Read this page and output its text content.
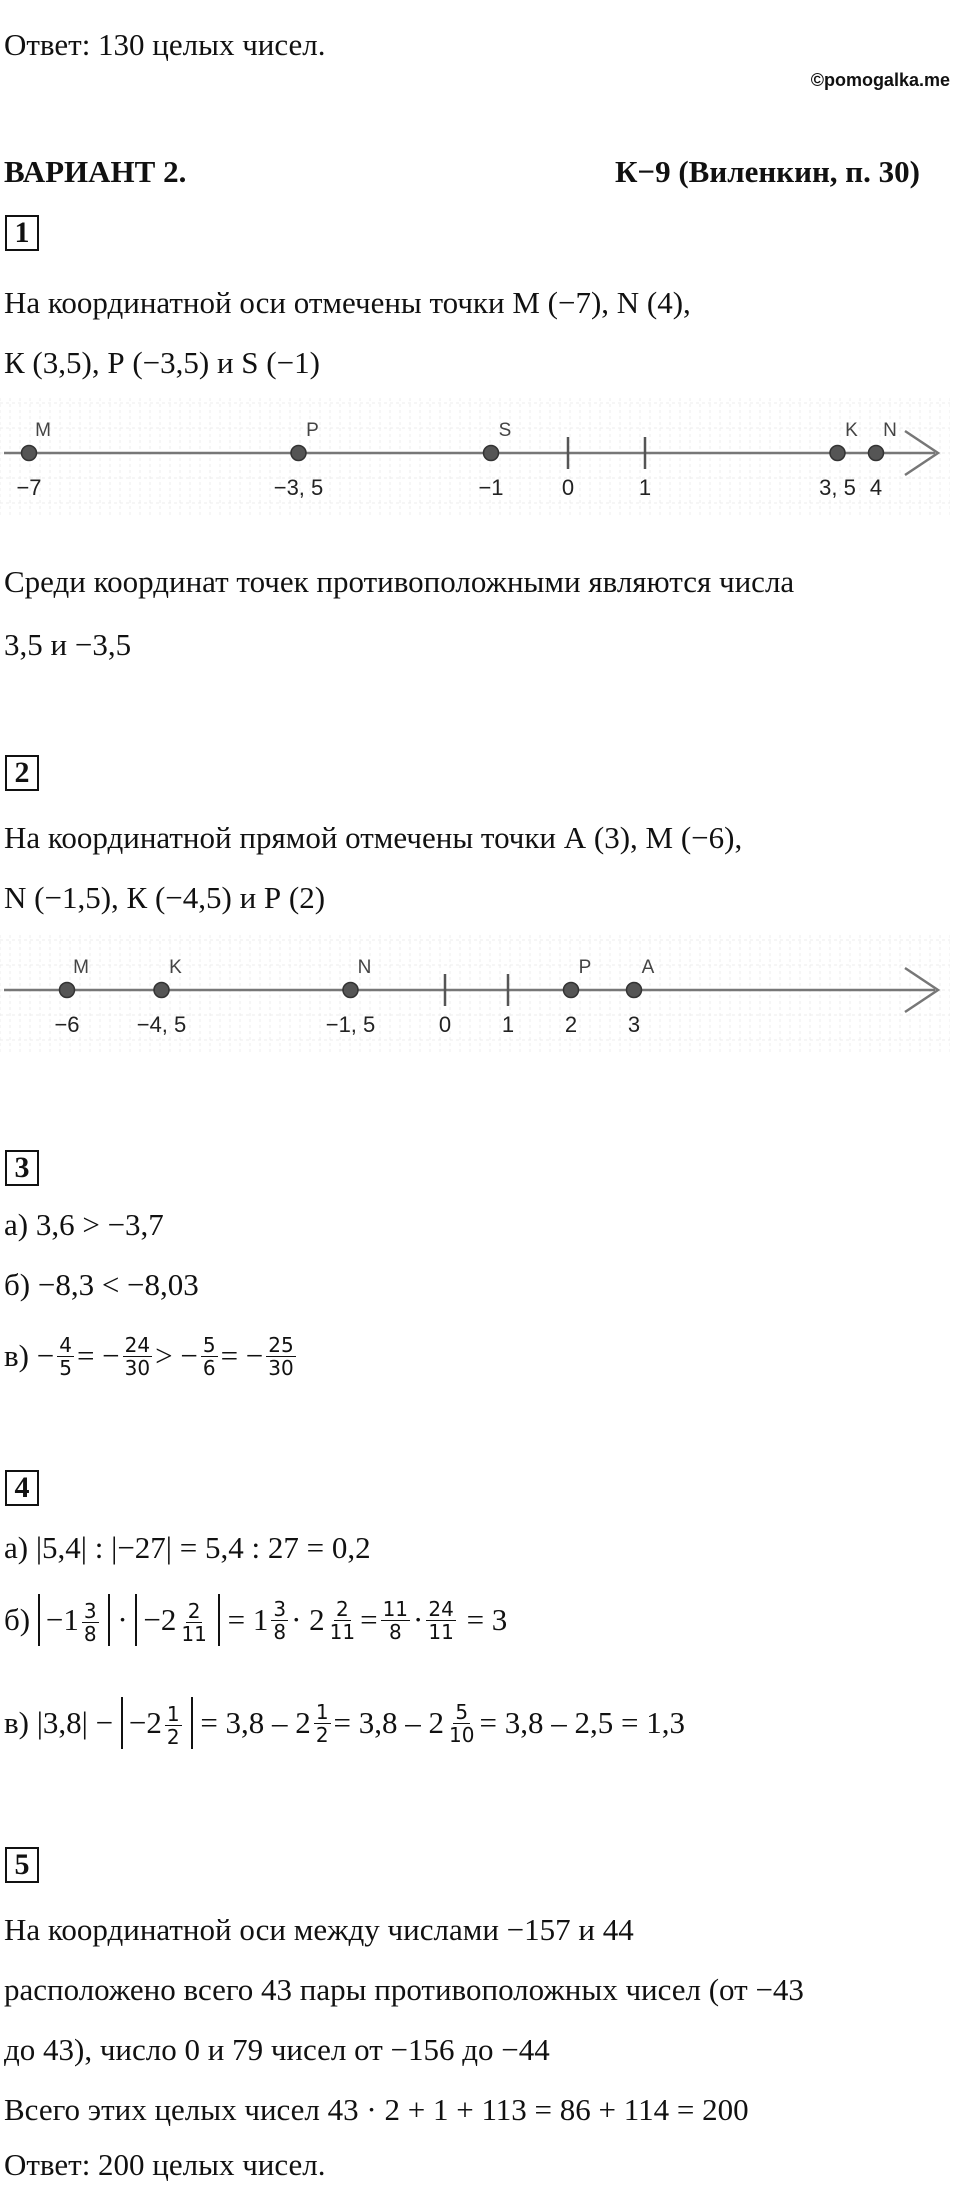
Ответ: 130 целых чисел.
©pomogalka.me
ВАРИАНТ 2.	К−9 (Виленкин, п. 30)
1
На координатной оси отмечены точки М (−7), N (4),
К (3,5), Р (−3,5) и S (−1)
0	1
M
−7
P
−3, 5
S
−1
K
3, 5
N
4
Среди координат точек противоположными являются числа
3,5 и −3,5
2
На координатной прямой отмечены точки А (3), М (−6),
N (−1,5), К (−4,5) и Р (2)
0 1
M
−6
K
−4, 5
N
−1, 5
P
2
A
3
3
а) 3,6 > −3,7
б) −8,3 < −8,03
$в) - \frac{4}{5}$ = − $\frac{24}{30}$ > − $\frac{5}{6}$ = − $\frac{25}{30}$
4
а) |5,4| : |−27| = 5,4 : 27 = 0,2
б)
$-1 \frac{3}{8}$
·
$-2 \frac{2}{11}$
= $1 \frac{3}{8} \cdot 2 \frac{2}{11} = \frac{11}{8} \cdot \frac{24}{11}$
= 3
в) |3,8| −
$-2 \frac{1}{2}$
= $3,8 - 2 \frac{1}{2} = 3,8 - 2 \frac{5}{10} = 3,8 - 2,5 = 1,3$
5
На координатной оси между числами −157 и 44
расположено всего 43 пары противоположных чисел (от −43
до 43), число 0 и 79 чисел от −156 до −44
Всего этих целых чисел 43 · 2 + 1 + 113 = 86 + 114 = 200
Ответ: 200 целых чисел.
